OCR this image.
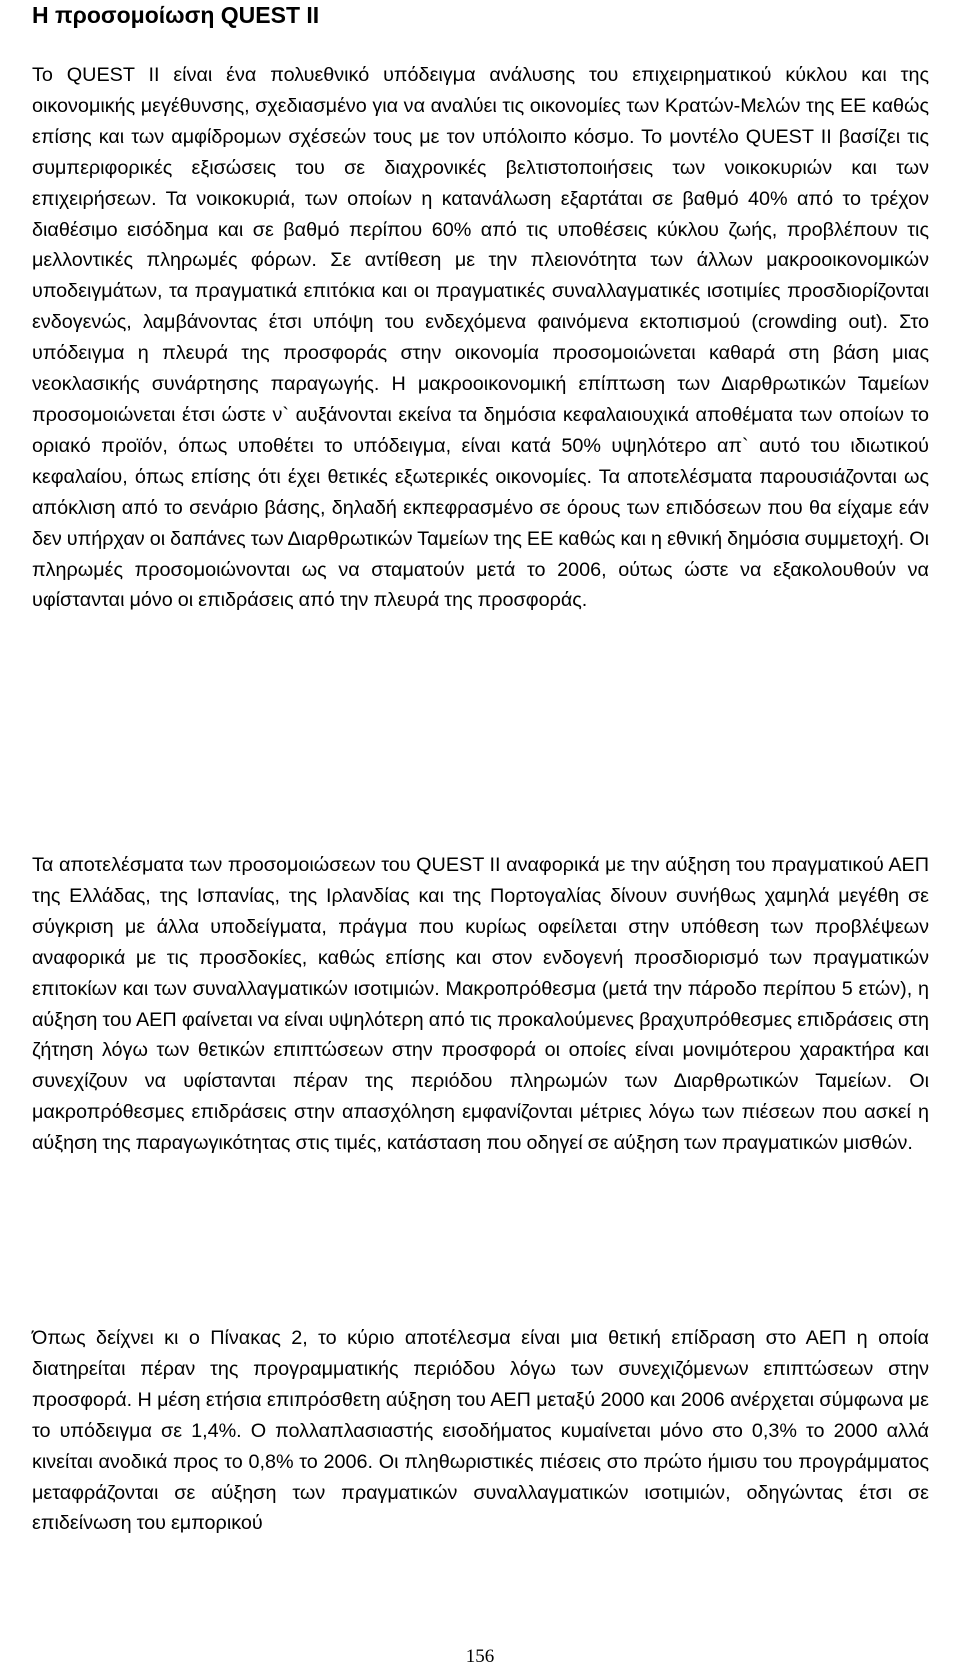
Η προσομοίωση QUEST II

Το QUEST II είναι ένα πολυεθνικό υπόδειγμα ανάλυσης του επιχειρηματικού κύκλου και της οικονομικής μεγέθυνσης, σχεδιασμένο για να αναλύει τις οικονομίες των Κρατών-Μελών της ΕΕ καθώς επίσης και των αμφίδρομων σχέσεών τους με τον υπόλοιπο κόσμο. Το μοντέλο QUEST II βασίζει τις συμπεριφορικές εξισώσεις του σε διαχρονικές βελτιστοποιήσεις των νοικοκυριών και των επιχειρήσεων. Τα νοικοκυριά, των οποίων η κατανάλωση εξαρτάται σε βαθμό 40% από το τρέχον διαθέσιμο εισόδημα και σε βαθμό περίπου 60% από τις υποθέσεις κύκλου ζωής, προβλέπουν τις μελλοντικές πληρωμές φόρων. Σε αντίθεση με την πλειονότητα των άλλων μακροοικονομικών υποδειγμάτων, τα πραγματικά επιτόκια και οι πραγματικές συναλλαγματικές ισοτιμίες προσδιορίζονται ενδογενώς, λαμβάνοντας έτσι υπόψη του ενδεχόμενα φαινόμενα εκτοπισμού (crowding out). Στο υπόδειγμα η πλευρά της προσφοράς στην οικονομία προσομοιώνεται καθαρά στη βάση μιας νεοκλασικής συνάρτησης παραγωγής. Η μακροοικονομική επίπτωση των Διαρθρωτικών Ταμείων προσομοιώνεται έτσι ώστε ν` αυξάνονται εκείνα τα δημόσια κεφαλαιουχικά αποθέματα των οποίων το οριακό προϊόν, όπως υποθέτει το υπόδειγμα, είναι κατά 50% υψηλότερο απ` αυτό του ιδιωτικού κεφαλαίου, όπως επίσης ότι έχει θετικές εξωτερικές οικονομίες. Τα αποτελέσματα παρουσιάζονται ως απόκλιση από το σενάριο βάσης, δηλαδή εκπεφρασμένο σε όρους των επιδόσεων που θα είχαμε εάν δεν υπήρχαν οι δαπάνες των Διαρθρωτικών Ταμείων της ΕΕ καθώς και η εθνική δημόσια συμμετοχή. Οι πληρωμές προσομοιώνονται ως να σταματούν μετά το 2006, ούτως ώστε να εξακολουθούν να υφίστανται μόνο οι επιδράσεις από την πλευρά της προσφοράς.

Τα αποτελέσματα των προσομοιώσεων του QUEST II αναφορικά με την αύξηση του πραγματικού ΑΕΠ της Ελλάδας, της Ισπανίας, της Ιρλανδίας και της Πορτογαλίας δίνουν συνήθως χαμηλά μεγέθη σε σύγκριση με άλλα υποδείγματα, πράγμα που κυρίως οφείλεται στην υπόθεση των προβλέψεων αναφορικά με τις προσδοκίες, καθώς επίσης και στον ενδογενή προσδιορισμό των πραγματικών επιτοκίων και των συναλλαγματικών ισοτιμιών. Μακροπρόθεσμα (μετά την πάροδο περίπου 5 ετών), η αύξηση του ΑΕΠ φαίνεται να είναι υψηλότερη από τις προκαλούμενες βραχυπρόθεσμες επιδράσεις στη ζήτηση λόγω των θετικών επιπτώσεων στην προσφορά οι οποίες είναι μονιμότερου χαρακτήρα και συνεχίζουν να υφίστανται πέραν της περιόδου πληρωμών των Διαρθρωτικών Ταμείων. Οι μακροπρόθεσμες επιδράσεις στην απασχόληση εμφανίζονται μέτριες λόγω των πιέσεων που ασκεί η αύξηση της παραγωγικότητας στις τιμές, κατάσταση που οδηγεί σε αύξηση των πραγματικών μισθών.

Όπως δείχνει κι ο Πίνακας 2, το κύριο αποτέλεσμα είναι μια θετική επίδραση στο ΑΕΠ η οποία διατηρείται πέραν της προγραμματικής περιόδου λόγω των συνεχιζόμενων επιπτώσεων στην προσφορά. Η μέση ετήσια επιπρόσθετη αύξηση του ΑΕΠ μεταξύ 2000 και 2006 ανέρχεται σύμφωνα με το υπόδειγμα σε 1,4%. Ο πολλαπλασιαστής εισοδήματος κυμαίνεται μόνο στο 0,3% το 2000 αλλά κινείται ανοδικά προς το 0,8% το 2006. Οι πληθωριστικές πιέσεις στο πρώτο ήμισυ του προγράμματος μεταφράζονται σε αύξηση των πραγματικών συναλλαγματικών ισοτιμιών, οδηγώντας έτσι σε επιδείνωση του εμπορικού

156
